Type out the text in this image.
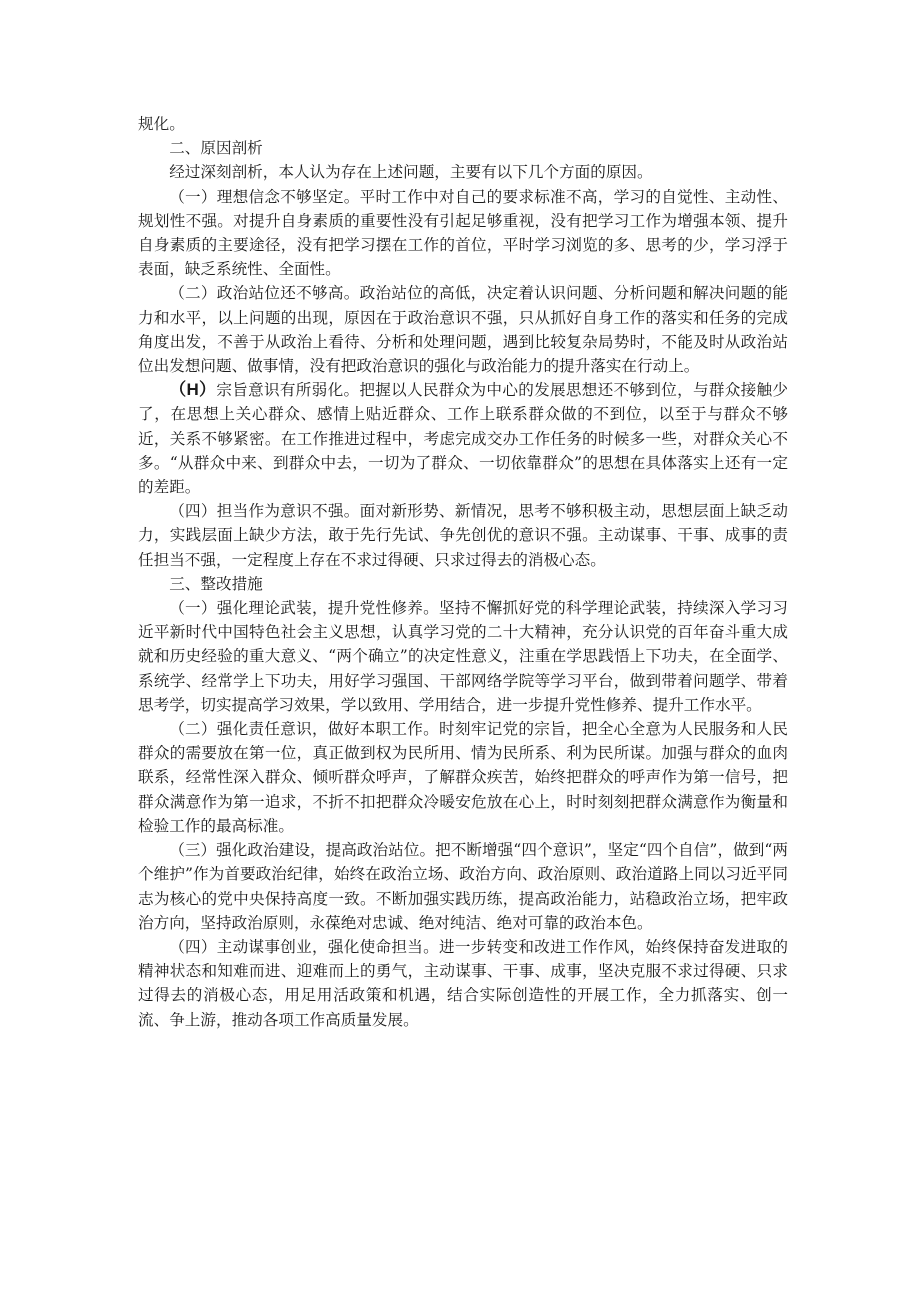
规化。

二、原因剖析

经过深刻剖析，本人认为存在上述问题，主要有以下几个方面的原因。

（一）理想信念不够坚定。平时工作中对自己的要求标准不高，学习的自觉性、主动性、规划性不强。对提升自身素质的重要性没有引起足够重视，没有把学习工作为增强本领、提升自身素质的主要途径，没有把学习摆在工作的首位，平时学习浏览的多、思考的少，学习浮于表面，缺乏系统性、全面性。

（二）政治站位还不够高。政治站位的高低，决定着认识问题、分析问题和解决问题的能力和水平，以上问题的出现，原因在于政治意识不强，只从抓好自身工作的落实和任务的完成角度出发，不善于从政治上看待、分析和处理问题，遇到比较复杂局势时，不能及时从政治站位出发想问题、做事情，没有把政治意识的强化与政治能力的提升落实在行动上。

（H）宗旨意识有所弱化。把握以人民群众为中心的发展思想还不够到位，与群众接触少了，在思想上关心群众、感情上贴近群众、工作上联系群众做的不到位，以至于与群众不够近，关系不够紧密。在工作推进过程中，考虑完成交办工作任务的时候多一些，对群众关心不多。“从群众中来、到群众中去，一切为了群众、一切依靠群众”的思想在具体落实上还有一定的差距。

（四）担当作为意识不强。面对新形势、新情况，思考不够积极主动，思想层面上缺乏动力，实践层面上缺少方法，敢于先行先试、争先创优的意识不强。主动谋事、干事、成事的责任担当不强，一定程度上存在不求过得硬、只求过得去的消极心态。

三、整改措施

（一）强化理论武装，提升党性修养。坚持不懈抓好党的科学理论武装，持续深入学习习近平新时代中国特色社会主义思想，认真学习党的二十大精神，充分认识党的百年奋斗重大成就和历史经验的重大意义、“两个确立”的决定性意义，注重在学思践悟上下功夫，在全面学、系统学、经常学上下功夫，用好学习强国、干部网络学院等学习平台，做到带着问题学、带着思考学，切实提高学习效果，学以致用、学用结合，进一步提升党性修养、提升工作水平。

（二）强化责任意识，做好本职工作。时刻牢记党的宗旨，把全心全意为人民服务和人民群众的需要放在第一位，真正做到权为民所用、情为民所系、利为民所谋。加强与群众的血肉联系，经常性深入群众、倾听群众呼声，了解群众疾苦，始终把群众的呼声作为第一信号，把群众满意作为第一追求，不折不扣把群众冷暖安危放在心上，时时刻刻把群众满意作为衡量和检验工作的最高标准。

（三）强化政治建设，提高政治站位。把不断增强“四个意识”，坚定“四个自信”，做到“两个维护”作为首要政治纪律，始终在政治立场、政治方向、政治原则、政治道路上同以习近平同志为核心的党中央保持高度一致。不断加强实践历练，提高政治能力，站稳政治立场，把牢政治方向，坚持政治原则，永葆绝对忠诚、绝对纯洁、绝对可靠的政治本色。

（四）主动谋事创业，强化使命担当。进一步转变和改进工作作风，始终保持奋发进取的精神状态和知难而进、迎难而上的勇气，主动谋事、干事、成事，坚决克服不求过得硬、只求过得去的消极心态，用足用活政策和机遇，结合实际创造性的开展工作，全力抓落实、创一流、争上游，推动各项工作高质量发展。
